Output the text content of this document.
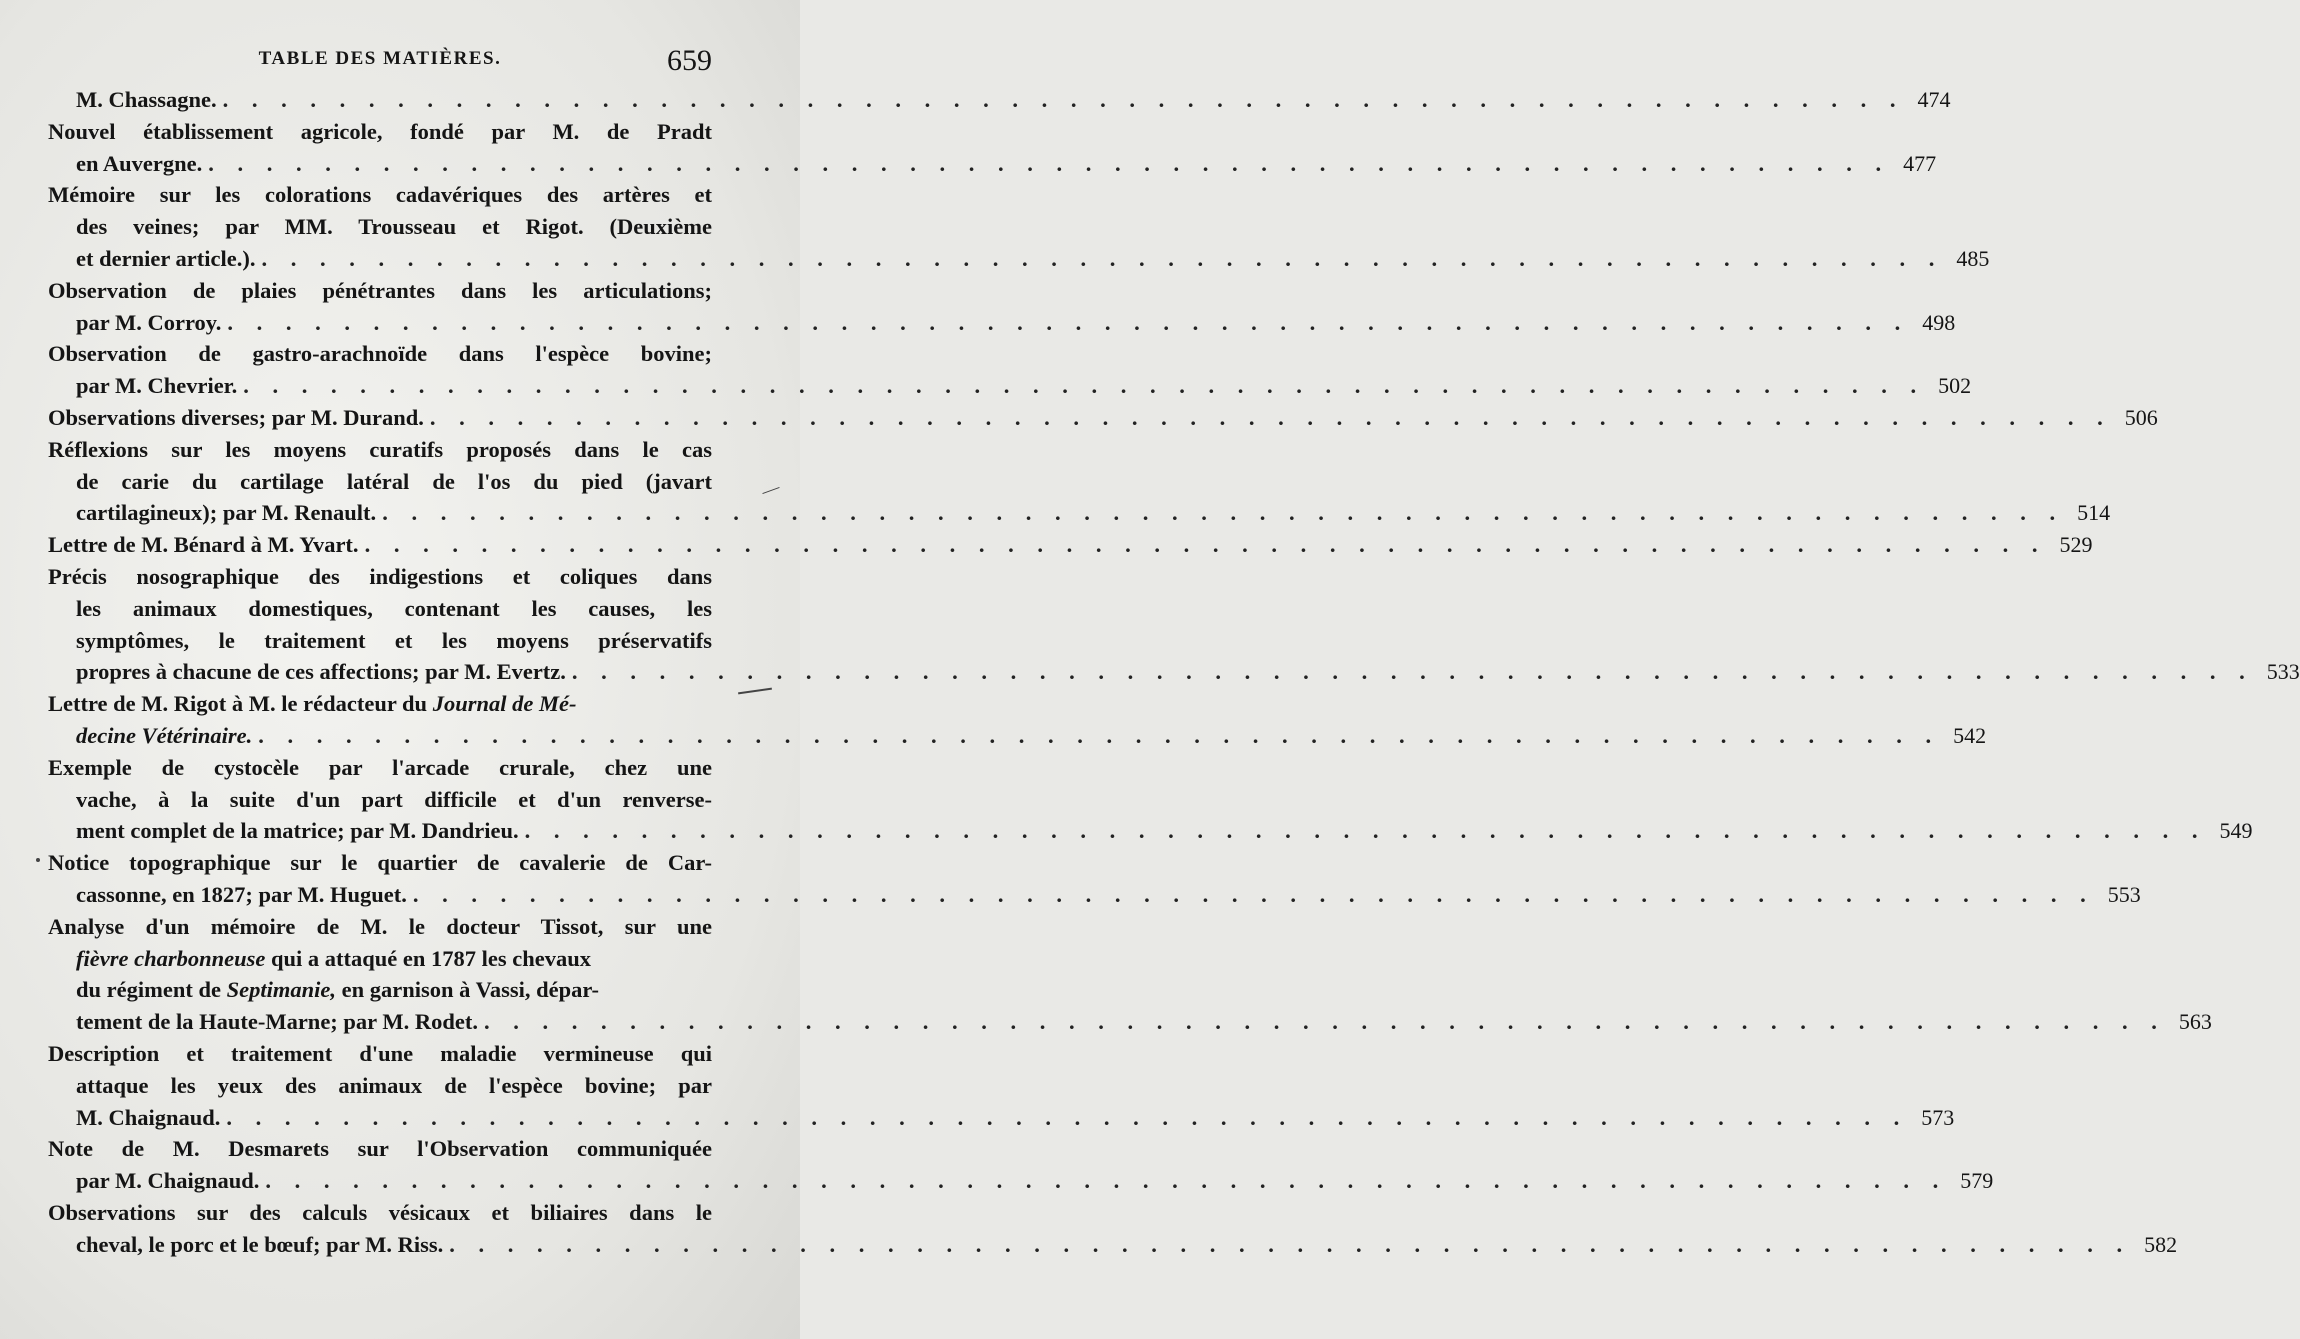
TABLE DES MATIÈRES.	659
M. Chassagne. . . .	474
Nouvel établissement agricole, fondé par M. de Pradt
en Auvergne. . . .	477
Mémoire sur les colorations cadavériques des artères et
des veines; par MM. Trousseau et Rigot. (Deuxième
et dernier article.). . . .	485
Observation de plaies pénétrantes dans les articulations;
par M. Corroy. . . .	498
Observation de gastro-arachnoïde dans l'espèce bovine;
par M. Chevrier. . . .	502
Observations diverses; par M. Durand. . . .	506
Réflexions sur les moyens curatifs proposés dans le cas
de carie du cartilage latéral de l'os du pied (javart
cartilagineux); par M. Renault. . . .	514
Lettre de M. Bénard à M. Yvart. . . .	529
Précis nosographique des indigestions et coliques dans
les animaux domestiques, contenant les causes, les
symptômes, le traitement et les moyens préservatifs
propres à chacune de ces affections; par M. Evertz. . . .	533
Lettre de M. Rigot à M. le rédacteur du
Journal de Mé-
decine Vétérinaire. . . .	542
Exemple de cystocèle par l'arcade crurale, chez une
vache, à la suite d'un part difficile et d'un renverse-
ment complet de la matrice; par M. Dandrieu. . . .	549
Notice topographique sur le quartier de cavalerie de Car-
cassonne, en 1827; par M. Huguet. . . .	553
Analyse d'un mémoire de M. le docteur Tissot, sur une
fièvre charbonneuse
qui a attaqué en 1787 les chevaux
du régiment de
Septimanie,
en garnison à Vassi, dépar-
tement de la Haute-Marne; par M. Rodet. . . .	563
Description et traitement d'une maladie vermineuse qui
attaque les yeux des animaux de l'espèce bovine; par
M. Chaignaud. . . .	573
Note de M. Desmarets sur l'Observation communiquée
par M. Chaignaud. . . .	579
Observations sur des calculs vésicaux et biliaires dans le
cheval, le porc et le bœuf; par M. Riss. . . .	582
